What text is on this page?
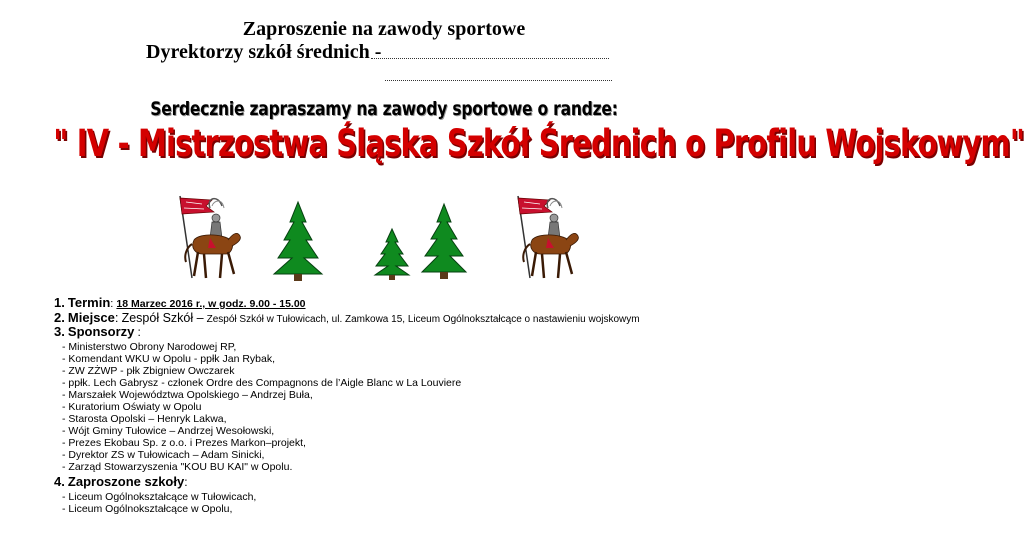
Zaproszenie na zawody sportowe
Dyrektorzy szkół średnich -
Serdecznie zapraszamy na zawody sportowe o randze:
" IV - Mistrzostwa Śląska Szkół Średnich o Profilu Wojskowym"
1. Termin: 18 Marzec 2016 r., w godz. 9.00 - 15.00
2. Miejsce: Zespół Szkół – Zespół Szkół w Tułowicach, ul. Zamkowa 15, Liceum Ogólnokształcące o nastawieniu wojskowym
3. Sponsorzy :
- Ministerstwo Obrony Narodowej RP,
- Komendant WKU w Opolu - ppłk Jan Rybak,
- ZW ZŻWP - płk Zbigniew Owczarek
- ppłk. Lech Gabrysz - członek Ordre des Compagnons de l’Aigle Blanc w La Louviere
- Marszałek Województwa Opolskiego – Andrzej Buła,
- Kuratorium Oświaty w Opolu
- Starosta Opolski – Henryk Lakwa,
- Wójt Gminy Tułowice – Andrzej Wesołowski,
- Prezes Ekobau Sp. z o.o. i Prezes Markon–projekt,
- Dyrektor ZS w Tułowicach – Adam Sinicki,
- Zarząd Stowarzyszenia "KOU BU KAI" w Opolu.
4. Zaproszone szkoły:
- Liceum Ogólnokształcące w Tułowicach,
- Liceum Ogólnokształcące w Opolu,
